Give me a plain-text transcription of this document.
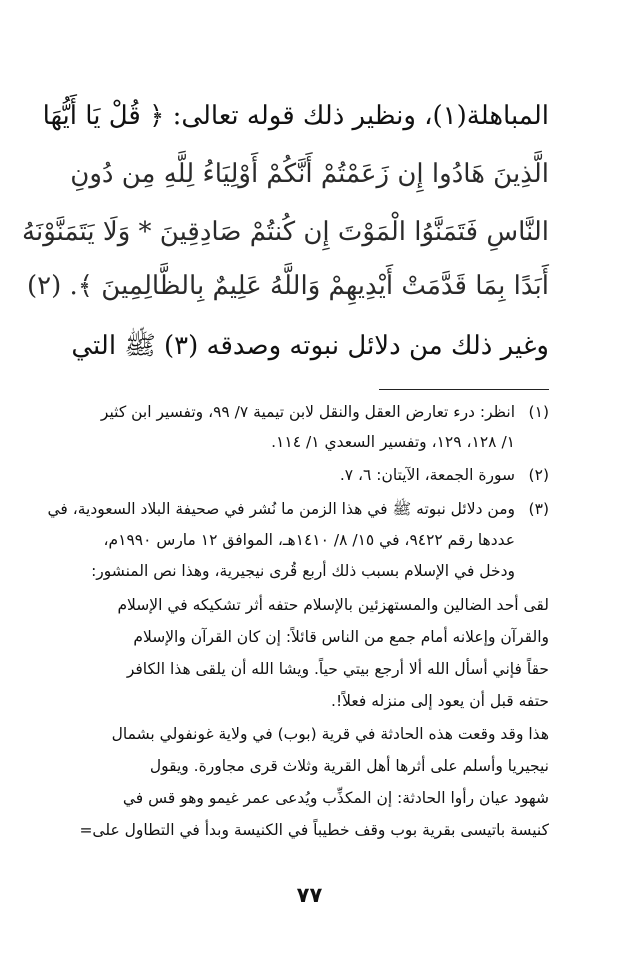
المباهلة(١)، ونظير ذلك قوله تعالى: ﴿ قُلْ يَا أَيُّهَا
الَّذِينَ هَادُوا إِن زَعَمْتُمْ أَنَّكُمْ أَوْلِيَاءُ لِلَّهِ مِن دُونِ
النَّاسِ فَتَمَنَّوُا الْمَوْتَ إِن كُنتُمْ صَادِقِينَ * وَلَا يَتَمَنَّوْنَهُ
أَبَدًا بِمَا قَدَّمَتْ أَيْدِيهِمْ وَاللَّهُ عَلِيمٌ بِالظَّالِمِينَ ﴾. (٢)
وغير ذلك من دلائل نبوته وصدقه (٣) ﷺ التي
(١)انظر: درء تعارض العقل والنقل لابن تيمية ٧/ ٩٩، وتفسير ابن كثير
١/ ١٢٨، ١٢٩، وتفسير السعدي ١/ ١١٤.
(٢)سورة الجمعة، الآيتان: ٦، ٧.
(٣)ومن دلائل نبوته ﷺ في هذا الزمن ما نُشر في صحيفة البلاد السعودية، في
عددها رقم ٩٤٢٢، في ١٥/ ٨/ ١٤١٠هـ، الموافق ١٢ مارس ١٩٩٠م،
ودخل في الإسلام بسبب ذلك أربع قُرى نيجيرية، وهذا نص المنشور:
لقى أحد الضالين والمستهزئين بالإسلام حتفه أثر تشكيكه في الإسلام
والقرآن وإعلانه أمام جمع من الناس قائلاً: إن كان القرآن والإسلام
حقاً فإني أسأل الله ألا أرجع بيتي حياً. ويشا الله أن يلقى هذا الكافر
حتفه قبل أن يعود إلى منزله فعلاً!.
هذا وقد وقعت هذه الحادثة في قرية (بوب) في ولاية غونفولي بشمال
نيجيريا وأسلم على أثرها أهل القرية وثلاث قرى مجاورة. ويقول
شهود عيان رأوا الحادثة: إن المكذِّب ويُدعى عمر غيمو وهو قس في
كنيسة باتيسى بقرية بوب وقف خطيباً في الكنيسة وبدأ في التطاول على=
٧٧
